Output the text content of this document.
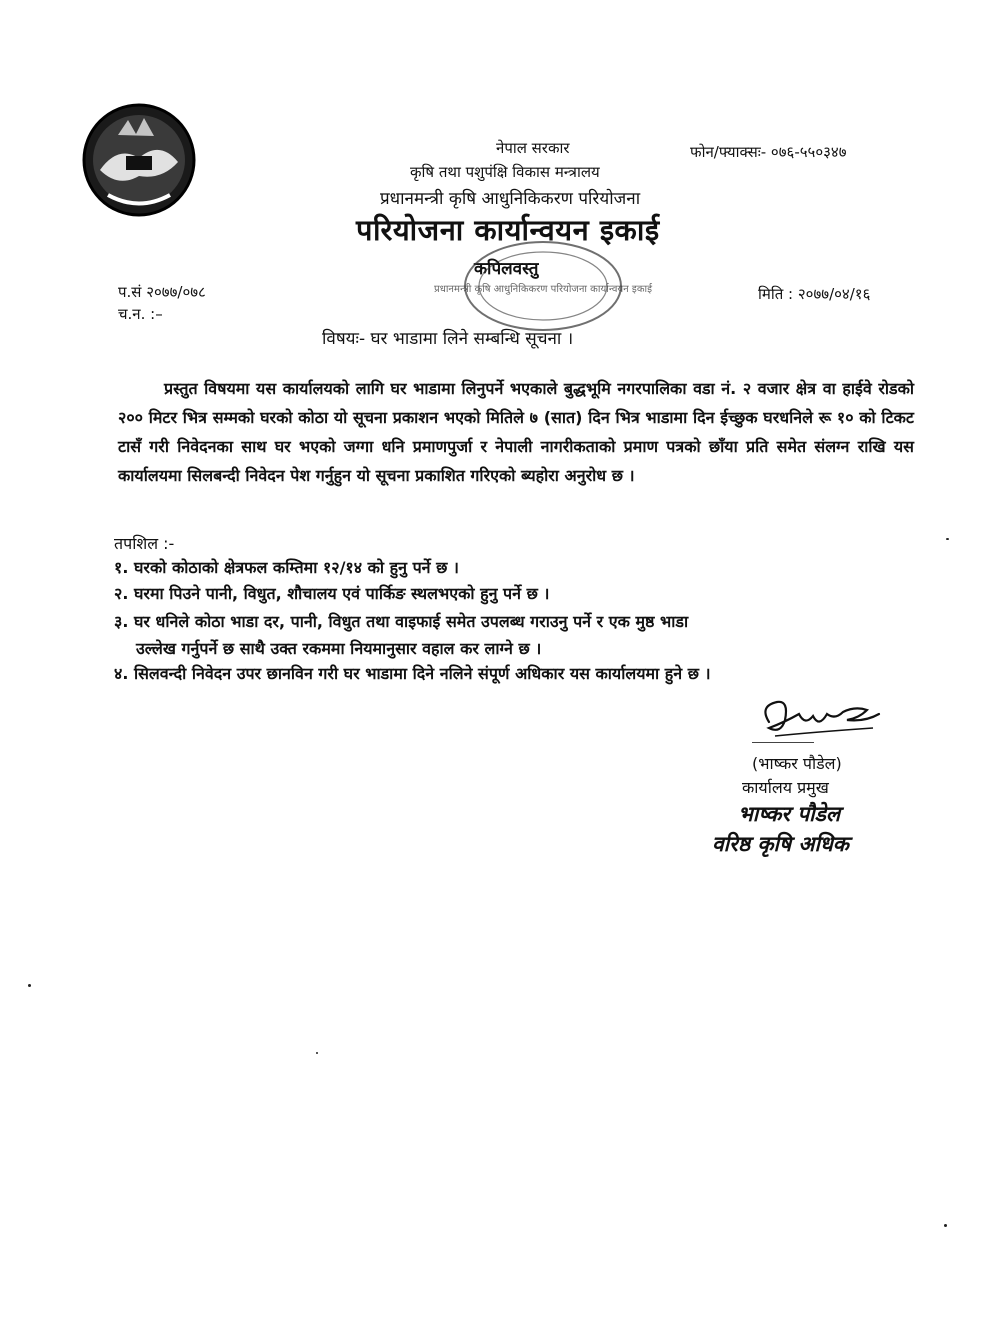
नेपाल सरकार
कृषि तथा पशुपंक्षि विकास मन्त्रालय
प्रधानमन्त्री कृषि आधुनिकिकरण परियोजना
परियोजना कार्यान्वयन इकाई
कपिलवस्तु
फोन/फ्याक्सः- ०७६-५५०३४७
प्रधानमन्त्री कृषि आधुनिकिकरण परियोजना कार्यान्वयन इकाई
प.सं २०७७/०७८
च.न. :–
मिति : २०७७/०४/१६
विषयः- घर भाडामा लिने सम्बन्धि सूचना ।
प्रस्तुत विषयमा यस कार्यालयको लागि घर भाडामा लिनुपर्ने भएकाले बुद्धभूमि नगरपालिका वडा नं. २ वजार क्षेत्र वा हाईवे रोडको २०० मिटर भित्र सम्मको घरको कोठा यो सूचना प्रकाशन भएको मितिले ७ (सात) दिन भित्र भाडामा दिन ईच्छुक घरधनिले रू १० को टिकट टासँ गरी निवेदनका साथ घर भएको जग्गा धनि प्रमाणपुर्जा र नेपाली नागरीकताको प्रमाण पत्रको छाँया प्रति समेत संलग्न राखि यस कार्यालयमा सिलबन्दी निवेदन पेश गर्नुहुन यो सूचना प्रकाशित गरिएको ब्यहोरा अनुरोध छ ।
तपशिल :-
१. घरको कोठाको क्षेत्रफल कम्तिमा १२/१४ को हुनु पर्ने छ ।
२. घरमा पिउने पानी, विधुत, शौचालय एवं पार्किङ स्थलभएको हुनु पर्ने छ ।
३. घर धनिले कोठा भाडा दर, पानी, विधुत तथा वाइफाई समेत उपलब्ध गराउनु पर्ने र एक मुष्ठ भाडा
उल्लेख गर्नुपर्ने छ साथै उक्त रकममा नियमानुसार वहाल कर लाग्ने छ ।
४. सिलवन्दी निवेदन उपर छानविन गरी घर भाडामा दिने नलिने संपूर्ण अधिकार यस कार्यालयमा हुने छ ।
(भाष्कर पौडेल)
कार्यालय प्रमुख
भाष्कर पौडेल
वरिष्ठ कृषि अधिक
